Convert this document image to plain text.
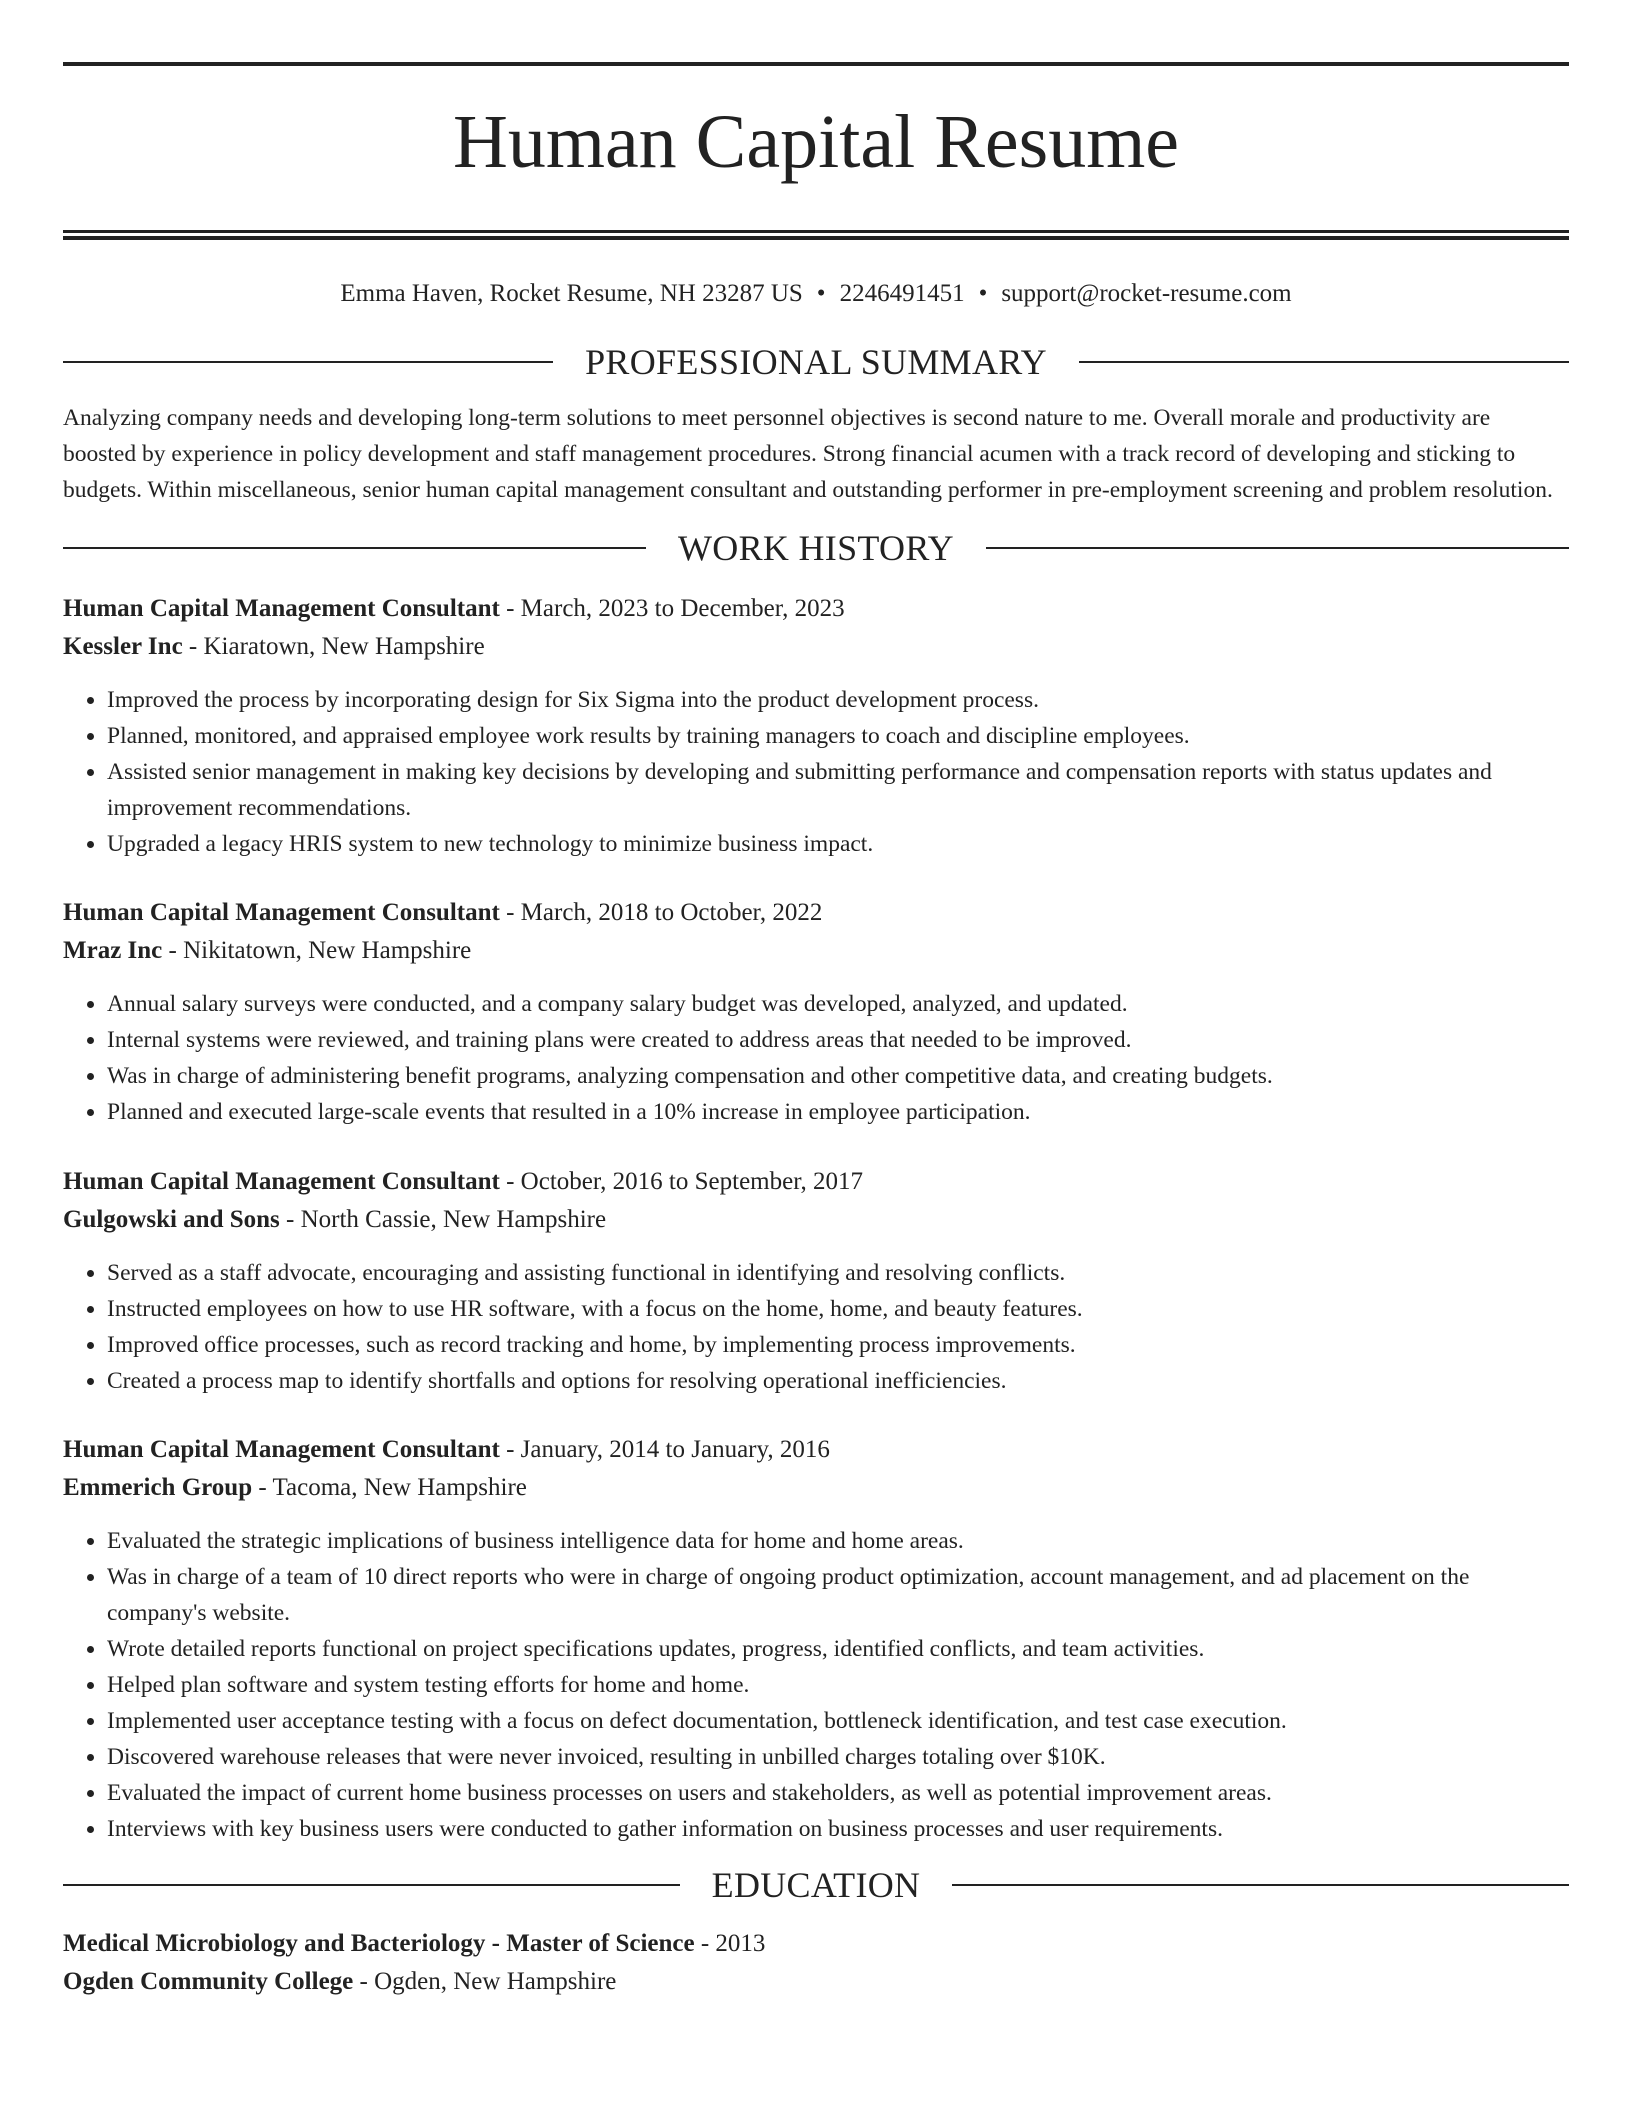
Human Capital Resume
Emma Haven, Rocket Resume, NH 23287 US • 2246491451 • support@rocket-resume.com
PROFESSIONAL SUMMARY

Analyzing company needs and developing long-term solutions to meet personnel objectives is second nature to me. Overall morale and productivity are boosted by experience in policy development and staff management procedures. Strong financial acumen with a track record of developing and sticking to budgets. Within miscellaneous, senior human capital management consultant and outstanding performer in pre-employment screening and problem resolution.

WORK HISTORY

Human Capital Management Consultant - March, 2023 to December, 2023

Kessler Inc - Kiaratown, New Hampshire

• Improved the process by incorporating design for Six Sigma into the product development process.
• Planned, monitored, and appraised employee work results by training managers to coach and discipline employees.
• Assisted senior management in making key decisions by developing and submitting performance and compensation reports with status updates and improvement recommendations.
• Upgraded a legacy HRIS system to new technology to minimize business impact.

Human Capital Management Consultant - March, 2018 to October, 2022

Mraz Inc - Nikitatown, New Hampshire

• Annual salary surveys were conducted, and a company salary budget was developed, analyzed, and updated.
• Internal systems were reviewed, and training plans were created to address areas that needed to be improved.
• Was in charge of administering benefit programs, analyzing compensation and other competitive data, and creating budgets.
• Planned and executed large-scale events that resulted in a 10% increase in employee participation.

Human Capital Management Consultant - October, 2016 to September, 2017

Gulgowski and Sons - North Cassie, New Hampshire

• Served as a staff advocate, encouraging and assisting functional in identifying and resolving conflicts.
• Instructed employees on how to use HR software, with a focus on the home, home, and beauty features.
• Improved office processes, such as record tracking and home, by implementing process improvements.
• Created a process map to identify shortfalls and options for resolving operational inefficiencies.

Human Capital Management Consultant - January, 2014 to January, 2016

Emmerich Group - Tacoma, New Hampshire

• Evaluated the strategic implications of business intelligence data for home and home areas.
• Was in charge of a team of 10 direct reports who were in charge of ongoing product optimization, account management, and ad placement on the company's website.
• Wrote detailed reports functional on project specifications updates, progress, identified conflicts, and team activities.
• Helped plan software and system testing efforts for home and home.
• Implemented user acceptance testing with a focus on defect documentation, bottleneck identification, and test case execution.
• Discovered warehouse releases that were never invoiced, resulting in unbilled charges totaling over $10K.
• Evaluated the impact of current home business processes on users and stakeholders, as well as potential improvement areas.
• Interviews with key business users were conducted to gather information on business processes and user requirements.
EDUCATION

Medical Microbiology and Bacteriology - Master of Science - 2013

Ogden Community College - Ogden, New Hampshire
